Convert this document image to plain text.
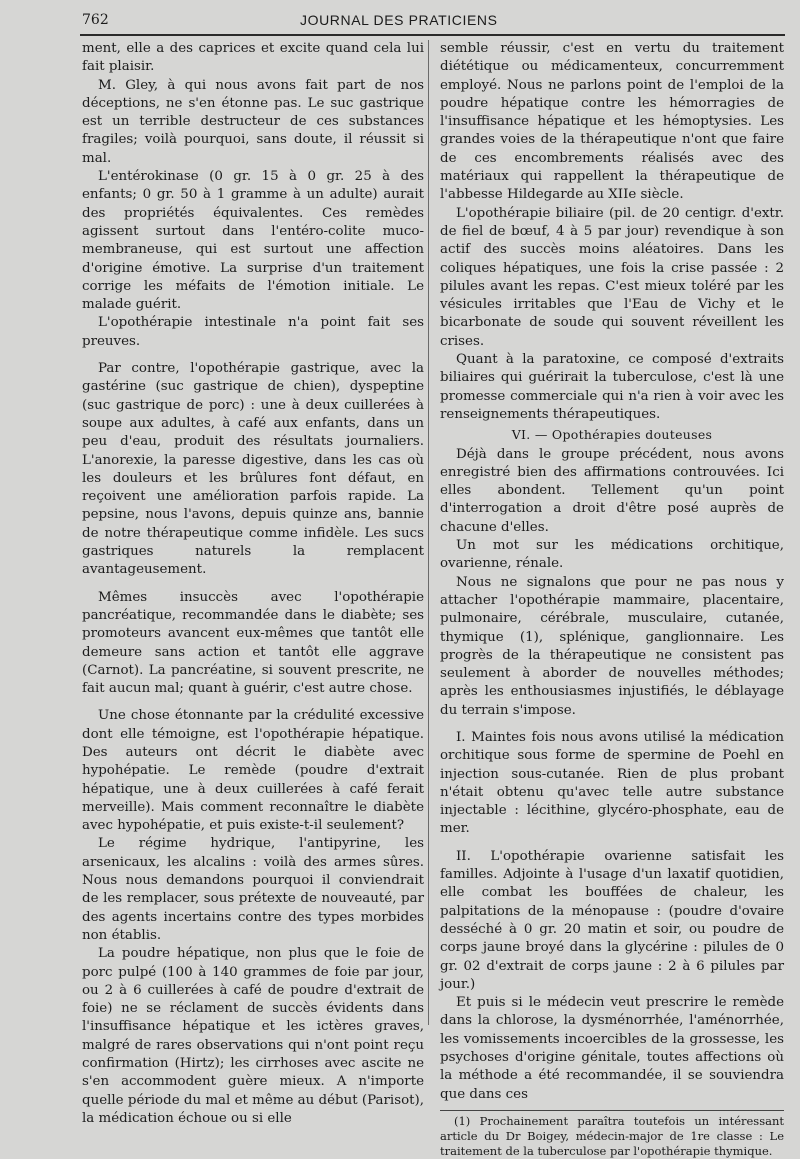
762	JOURNAL DES PRATICIENS

ment, elle a des caprices et excite quand cela lui fait plaisir.

M. Gley, à qui nous avons fait part de nos déceptions, ne s'en étonne pas. Le suc gastrique est un terrible destructeur de ces substances fragiles; voilà pourquoi, sans doute, il réussit si mal.

L'entérokinase (0 gr. 15 à 0 gr. 25 à des enfants; 0 gr. 50 à 1 gramme à un adulte) aurait des propriétés équivalentes. Ces remèdes agissent surtout dans l'entéro-colite muco-membraneuse, qui est surtout une affection d'origine émotive. La surprise d'un traitement corrige les méfaits de l'émotion initiale. Le malade guérit.

L'opothérapie intestinale n'a point fait ses preuves.

Par contre, l'opothérapie gastrique, avec la gastérine (suc gastrique de chien), dyspeptine (suc gastrique de porc) : une à deux cuillerées à soupe aux adultes, à café aux enfants, dans un peu d'eau, produit des résultats journaliers. L'anorexie, la paresse digestive, dans les cas où les douleurs et les brûlures font défaut, en reçoivent une amélioration parfois rapide. La pepsine, nous l'avons, depuis quinze ans, bannie de notre thérapeutique comme infidèle. Les sucs gastriques naturels la remplacent avantageusement.

Mêmes insuccès avec l'opothérapie pancréatique, recommandée dans le diabète; ses promoteurs avancent eux-mêmes que tantôt elle demeure sans action et tantôt elle aggrave (Carnot). La pancréatine, si souvent prescrite, ne fait aucun mal; quant à guérir, c'est autre chose.

Une chose étonnante par la crédulité excessive dont elle témoigne, est l'opothérapie hépatique. Des auteurs ont décrit le diabète avec hypohépatie. Le remède (poudre d'extrait hépatique, une à deux cuillerées à café ferait merveille). Mais comment reconnaître le diabète avec hypohépatie, et puis existe-t-il seulement?

Le régime hydrique, l'antipyrine, les arsenicaux, les alcalins : voilà des armes sûres. Nous nous demandons pourquoi il conviendrait de les remplacer, sous prétexte de nouveauté, par des agents incertains contre des types morbides non établis.

La poudre hépatique, non plus que le foie de porc pulpé (100 à 140 grammes de foie par jour, ou 2 à 6 cuillerées à café de poudre d'extrait de foie) ne se réclament de succès évidents dans l'insuffisance hépatique et les ictères graves, malgré de rares observations qui n'ont point reçu confirmation (Hirtz); les cirrhoses avec ascite ne s'en accommodent guère mieux. A n'importe quelle période du mal et même au début (Parisot), la médication échoue ou si elle

semble réussir, c'est en vertu du traitement diététique ou médicamenteux, concurremment employé. Nous ne parlons point de l'emploi de la poudre hépatique contre les hémorragies de l'insuffisance hépatique et les hémoptysies. Les grandes voies de la thérapeutique n'ont que faire de ces encombrements réalisés avec des matériaux qui rappellent la thérapeutique de l'abbesse Hildegarde au XIIe siècle.

L'opothérapie biliaire (pil. de 20 centigr. d'extr. de fiel de bœuf, 4 à 5 par jour) revendique à son actif des succès moins aléatoires. Dans les coliques hépatiques, une fois la crise passée : 2 pilules avant les repas. C'est mieux toléré par les vésicules irritables que l'Eau de Vichy et le bicarbonate de soude qui souvent réveillent les crises.

Quant à la paratoxine, ce composé d'extraits biliaires qui guérirait la tuberculose, c'est là une promesse commerciale qui n'a rien à voir avec les renseignements thérapeutiques.

VI. — Opothérapies douteuses

Déjà dans le groupe précédent, nous avons enregistré bien des affirmations controuvées. Ici elles abondent. Tellement qu'un point d'interrogation a droit d'être posé auprès de chacune d'elles.

Un mot sur les médications orchitique, ovarienne, rénale.

Nous ne signalons que pour ne pas nous y attacher l'opothérapie mammaire, placentaire, pulmonaire, cérébrale, musculaire, cutanée, thymique (1), splénique, ganglionnaire. Les progrès de la thérapeutique ne consistent pas seulement à aborder de nouvelles méthodes; après les enthousiasmes injustifiés, le déblayage du terrain s'impose.

I. Maintes fois nous avons utilisé la médication orchitique sous forme de spermine de Poehl en injection sous-cutanée. Rien de plus probant n'était obtenu qu'avec telle autre substance injectable : lécithine, glycéro-phosphate, eau de mer.

II. L'opothérapie ovarienne satisfait les familles. Adjointe à l'usage d'un laxatif quotidien, elle combat les bouffées de chaleur, les palpitations de la ménopause : (poudre d'ovaire desséché à 0 gr. 20 matin et soir, ou poudre de corps jaune broyé dans la glycérine : pilules de 0 gr. 02 d'extrait de corps jaune : 2 à 6 pilules par jour.)

Et puis si le médecin veut prescrire le remède dans la chlorose, la dysménorrhée, l'aménorrhée, les vomissements incoercibles de la grossesse, les psychoses d'origine génitale, toutes affections où la méthode a été recommandée, il se souviendra que dans ces

(1) Prochainement paraîtra toutefois un intéressant article du Dr Boigey, médecin-major de 1re classe : Le traitement de la tuberculose par l'opothérapie thymique.
